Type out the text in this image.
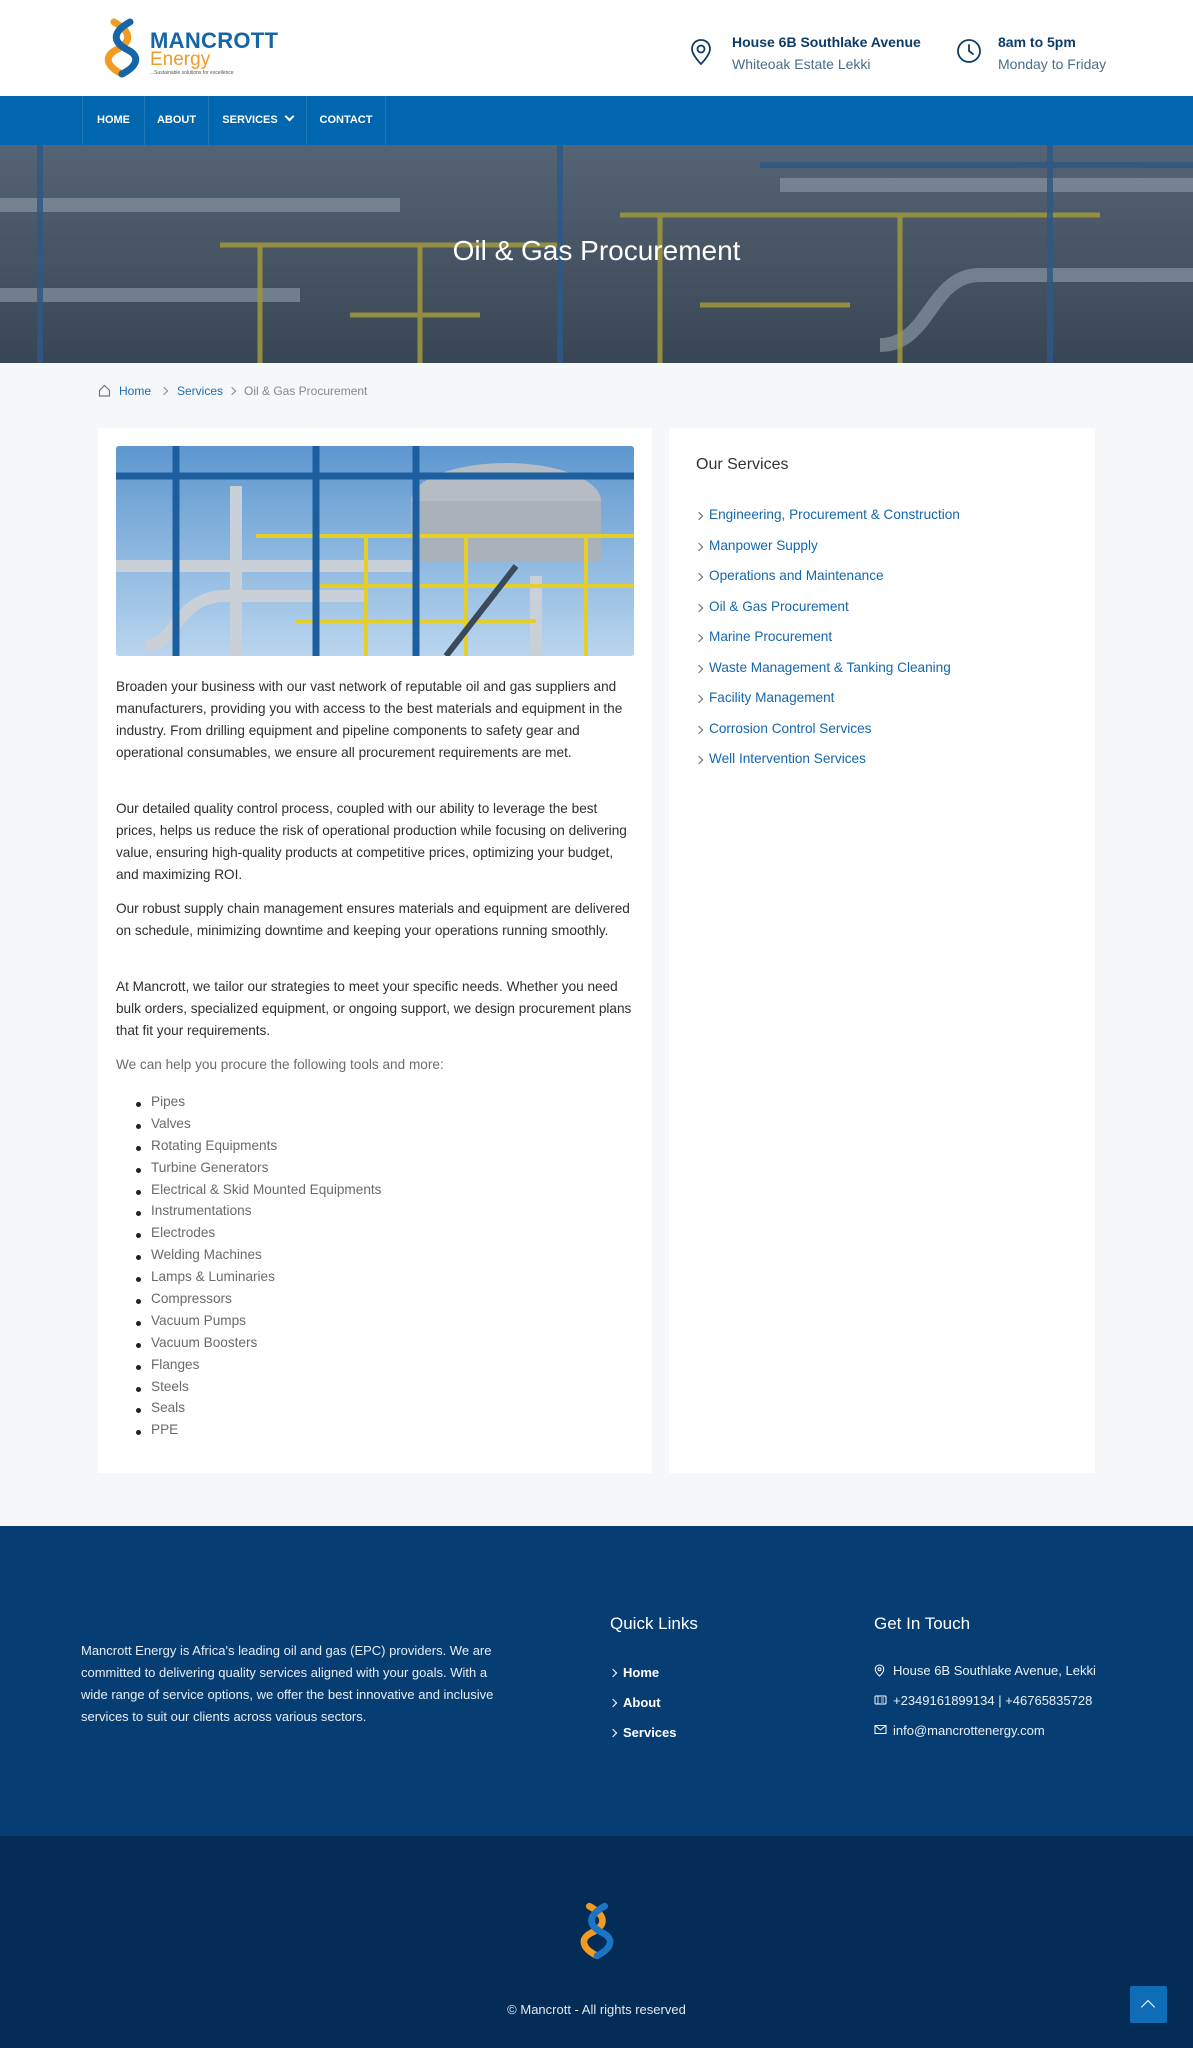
MANCROTT
Energy
...Sustainable solutions for excellence
House 6B Southlake Avenue
Whiteoak Estate Lekki
8am to 5pm
Monday to Friday
HOME	ABOUT	SERVICES	CONTACT
Oil & Gas Procurement
Home Services Oil & Gas Procurement
Broaden your business with our vast network of reputable oil and gas suppliers and manufacturers, providing you with access to the best materials and equipment in the industry. From drilling equipment and pipeline components to safety gear and operational consumables, we ensure all procurement requirements are met.
Our detailed quality control process, coupled with our ability to leverage the best prices, helps us reduce the risk of operational production while focusing on delivering value, ensuring high-quality products at competitive prices, optimizing your budget, and maximizing ROI.
Our robust supply chain management ensures materials and equipment are delivered on schedule, minimizing downtime and keeping your operations running smoothly.
At Mancrott, we tailor our strategies to meet your specific needs. Whether you need bulk orders, specialized equipment, or ongoing support, we design procurement plans that fit your requirements.
We can help you procure the following tools and more:
Pipes
Valves
Rotating Equipments
Turbine Generators
Electrical & Skid Mounted Equipments
Instrumentations
Electrodes
Welding Machines
Lamps & Luminaries
Compressors
Vacuum Pumps
Vacuum Boosters
Flanges
Steels
Seals
PPE
Our Services
Engineering, Procurement & Construction
Manpower Supply
Operations and Maintenance
Oil & Gas Procurement
Marine Procurement
Waste Management & Tanking Cleaning
Facility Management
Corrosion Control Services
Well Intervention Services
Mancrott Energy is Africa's leading oil and gas (EPC) providers. We are committed to delivering quality services aligned with your goals. With a wide range of service options, we offer the best innovative and inclusive services to suit our clients across various sectors.
Quick Links
Home
About
Services
Get In Touch
House 6B Southlake Avenue, Lekki
+2349161899134 | +46765835728
info@mancrottenergy.com
© Mancrott - All rights reserved
